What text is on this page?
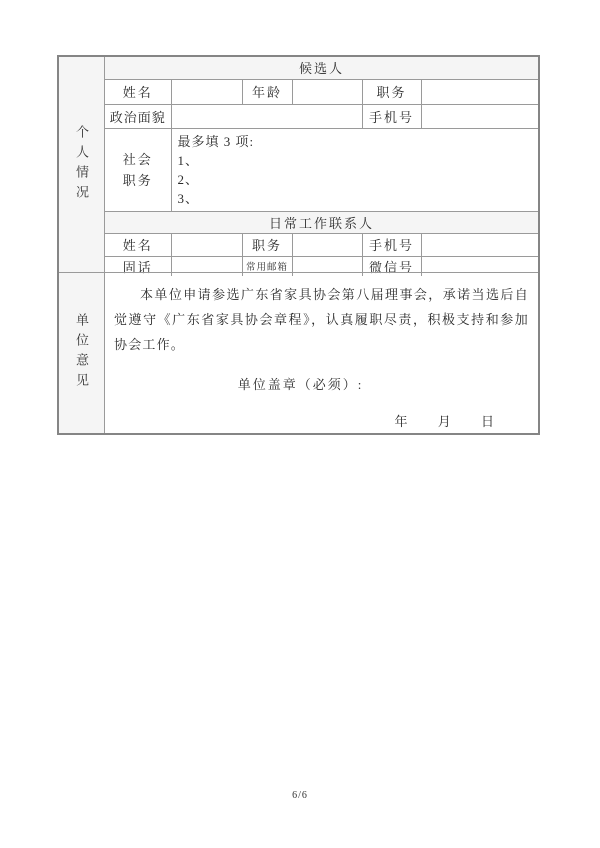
个人情况
候选人					
姓名		年龄		职务	
政治面貌				手机号	
社会职务	最多填 3 项:
1、
2、
3、				

日常工作联系人					
姓名		职务		手机号	
固话		常用邮箱		微信号	
单位意见

本单位申请参选广东省家具协会第八届理事会，承诺当选后自觉遵守《广东省家具协会章程》，认真履职尽责，积极支持和参加协会工作。

单位盖章（必须）:
年 月 日
6/6
